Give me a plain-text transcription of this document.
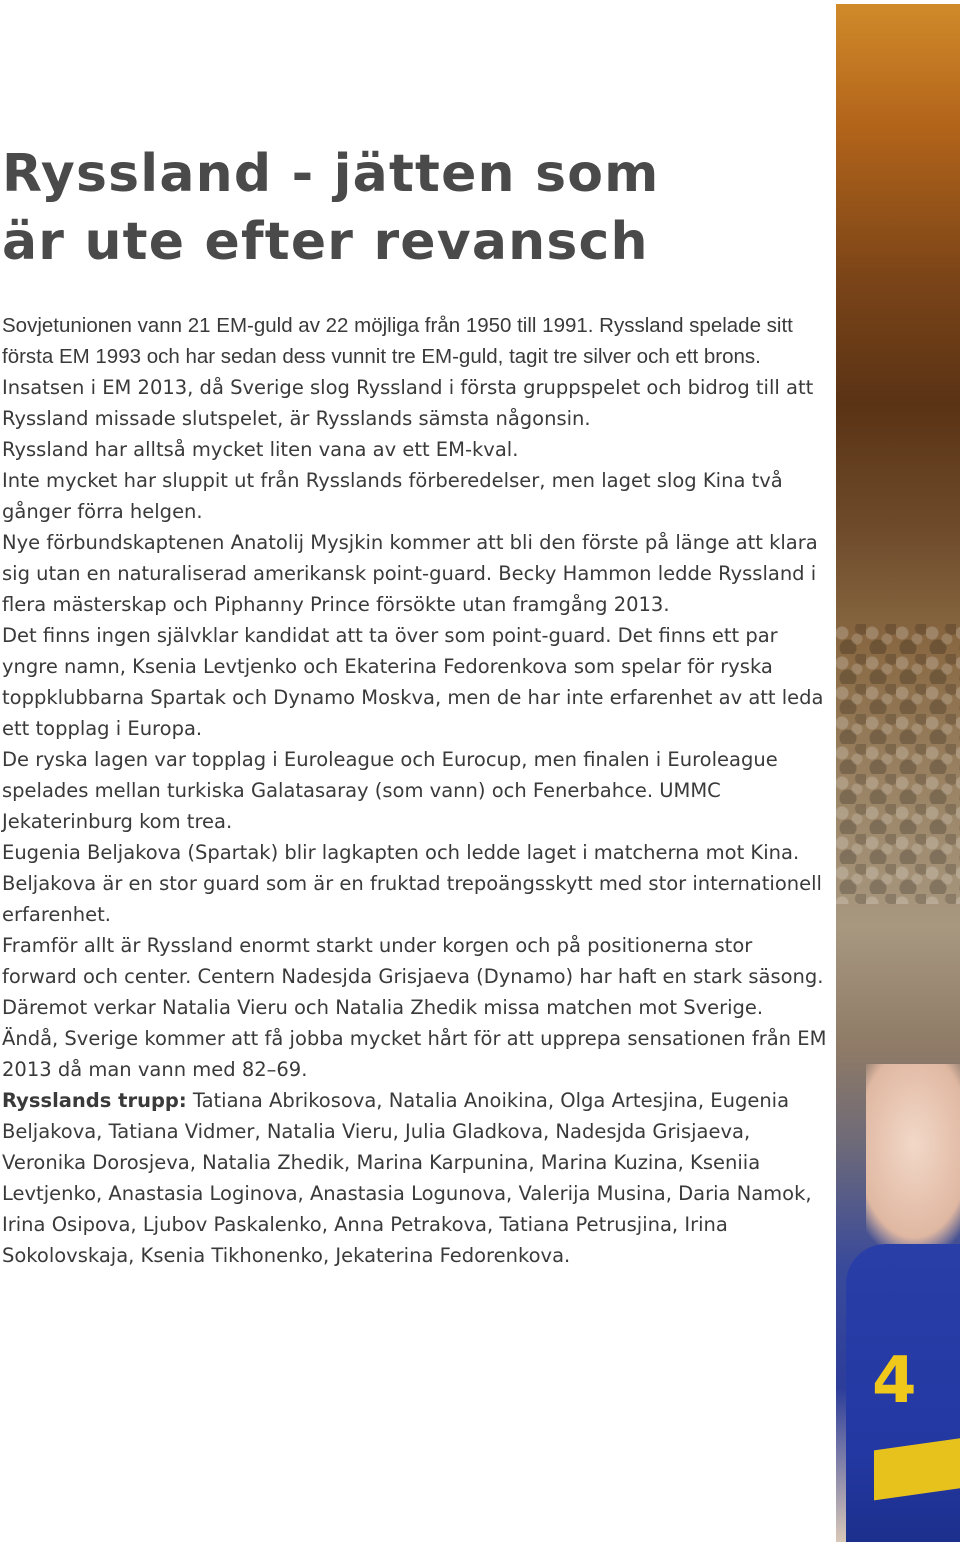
Ryssland - jätten som
är ute efter revansch

Sovjetunionen vann 21 EM-guld av 22 möjliga från 1950 till 1991. Ryssland spelade sitt första EM 1993 och har sedan dess vunnit tre EM-guld, tagit tre silver och ett brons. Insatsen i EM 2013, då Sverige slog Ryssland i första gruppspelet och bidrog till att Ryssland missade slutspelet, är Rysslands sämsta någonsin.

Ryssland har alltså mycket liten vana av ett EM-kval.

Inte mycket har sluppit ut från Rysslands förberedelser, men laget slog Kina två gånger förra helgen.

Nye förbundskaptenen Anatolij Mysjkin kommer att bli den förste på länge att klara sig utan en naturaliserad amerikansk point-guard. Becky Hammon ledde Ryssland i flera mästerskap och Piphanny Prince försökte utan framgång 2013.

Det finns ingen självklar kandidat att ta över som point-guard. Det finns ett par yngre namn, Ksenia Levtjenko och Ekaterina Fedorenkova som spelar för ryska toppklubbarna Spartak och Dynamo Moskva, men de har inte erfarenhet av att leda ett topplag i Europa.

De ryska lagen var topplag i Euroleague och Eurocup, men finalen i Euroleague spelades mellan turkiska Galatasaray (som vann) och Fenerbahce. UMMC Jekaterinburg kom trea.

Eugenia Beljakova (Spartak) blir lagkapten och ledde laget i matcherna mot Kina. Beljakova är en stor guard som är en fruktad trepoängsskytt med stor internationell erfarenhet.

Framför allt är Ryssland enormt starkt under korgen och på positionerna stor forward och center. Centern Nadesjda Grisjaeva (Dynamo) har haft en stark säsong. Däremot verkar Natalia Vieru och Natalia Zhedik missa matchen mot Sverige.

Ändå, Sverige kommer att få jobba mycket hårt för att upprepa sensationen från EM 2013 då man vann med 82–69.

Rysslands trupp: Tatiana Abrikosova, Natalia Anoikina, Olga Artesjina, Eugenia Beljakova, Tatiana Vidmer, Natalia Vieru, Julia Gladkova, Nadesjda Grisjaeva, Veronika Dorosjeva, Natalia Zhedik, Marina Karpunina, Marina Kuzina, Kseniia Levtjenko, Anastasia Loginova, Anastasia Logunova, Valerija Musina, Daria Namok, Irina Osipova, Ljubov Paskalenko, Anna Petrakova, Tatiana Petrusjina, Irina Sokolovskaja, Ksenia Tikhonenko, Jekaterina Fedorenkova.

4
